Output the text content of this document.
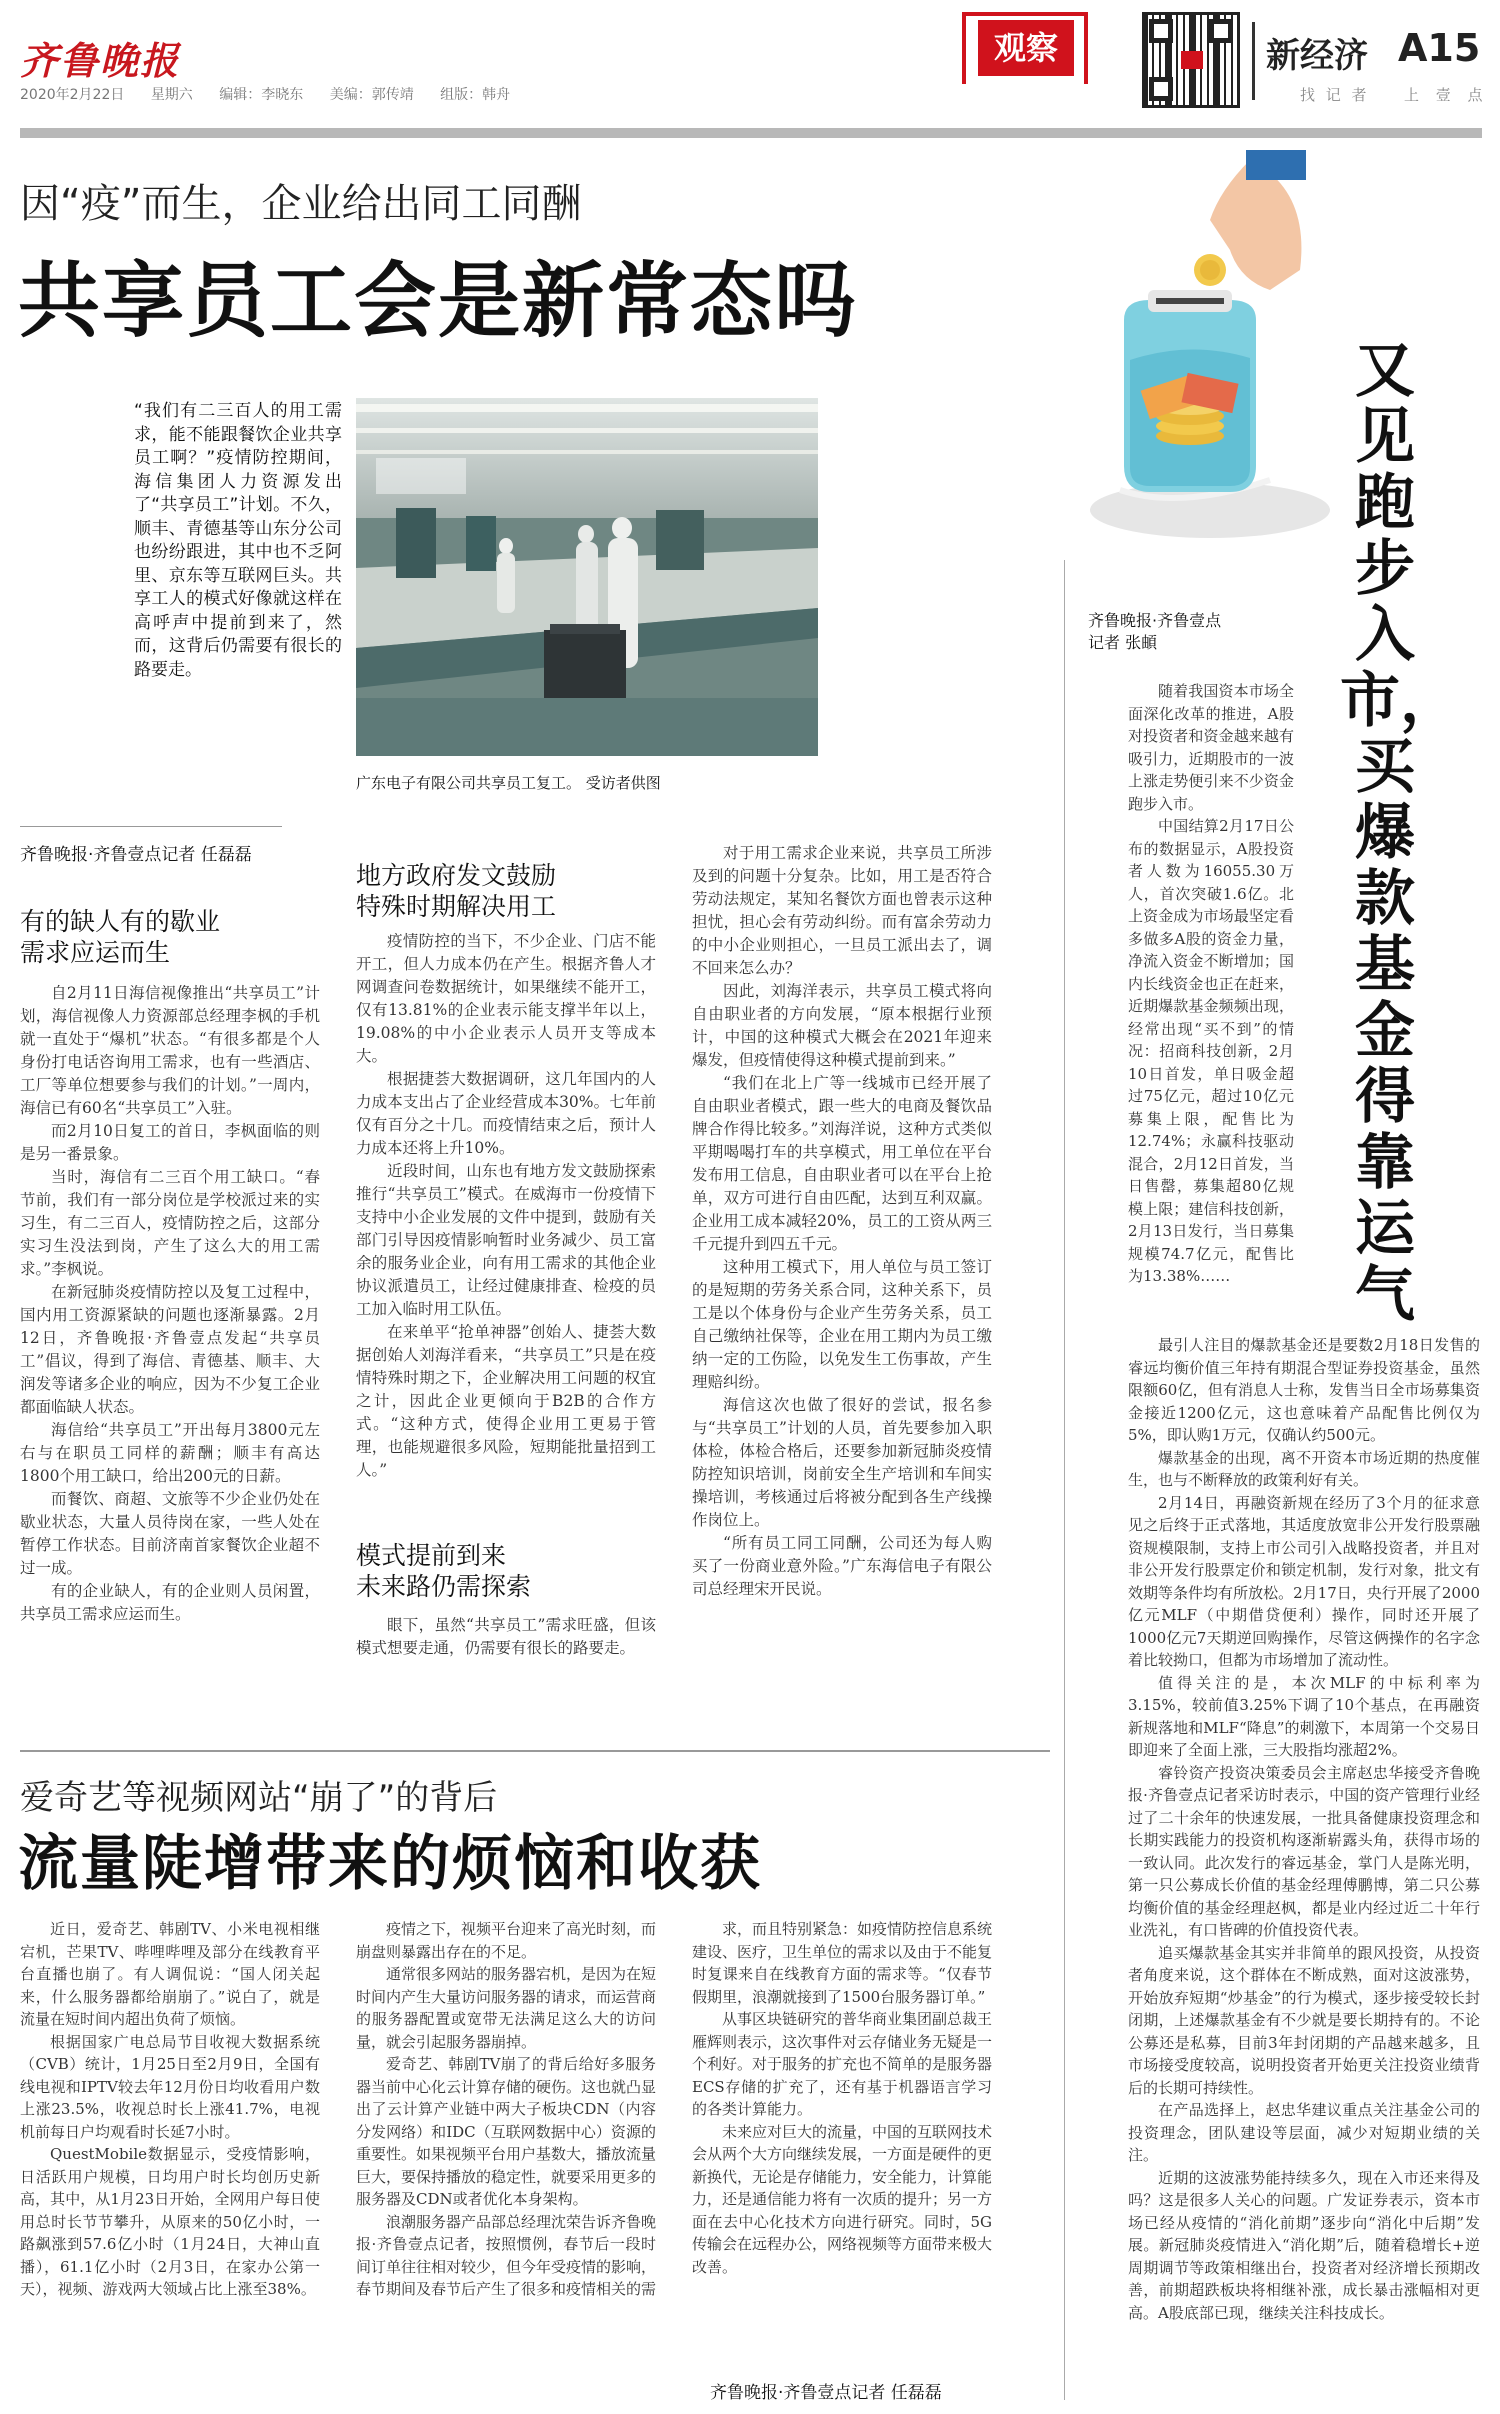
齐鲁晚报
2020年2月22日 星期六 编辑：李晓东 美编：郭传靖 组版：韩舟
观察	新经济 A15
找 记 者 上 壹 点
因“疫”而生，企业给出同工同酬
共享员工会是新常态吗
“我们有二三百人的用工需求，能不能跟餐饮企业共享员工啊？”疫情防控期间，海信集团人力资源发出了“共享员工”计划。不久，顺丰、青德基等山东分公司也纷纷跟进，其中也不乏阿里、京东等互联网巨头。共享工人的模式好像就这样在高呼声中提前到来了，然而，这背后仍需要有很长的路要走。
广东电子有限公司共享员工复工。 受访者供图
齐鲁晚报·齐鲁壹点记者 任磊磊
有的缺人有的歇业
需求应运而生

自2月11日海信视像推出“共享员工”计划，海信视像人力资源部总经理李枫的手机就一直处于“爆机”状态。“有很多都是个人身份打电话咨询用工需求，也有一些酒店、工厂等单位想要参与我们的计划。”一周内，海信已有60名“共享员工”入驻。

而2月10日复工的首日，李枫面临的则是另一番景象。

当时，海信有二三百个用工缺口。“春节前，我们有一部分岗位是学校派过来的实习生，有二三百人，疫情防控之后，这部分实习生没法到岗，产生了这么大的用工需求。”李枫说。

在新冠肺炎疫情防控以及复工过程中，国内用工资源紧缺的问题也逐渐暴露。2月12日，齐鲁晚报·齐鲁壹点发起“共享员工”倡议，得到了海信、青德基、顺丰、大润发等诸多企业的响应，因为不少复工企业都面临缺人状态。

海信给“共享员工”开出每月3800元左右与在职员工同样的薪酬；顺丰有高达1800个用工缺口，给出200元的日薪。

而餐饮、商超、文旅等不少企业仍处在歇业状态，大量人员待岗在家，一些人处在暂停工作状态。目前济南首家餐饮企业超不过一成。

有的企业缺人，有的企业则人员闲置，共享员工需求应运而生。

地方政府发文鼓励
特殊时期解决用工

疫情防控的当下，不少企业、门店不能开工，但人力成本仍在产生。根据齐鲁人才网调查问卷数据统计，如果继续不能开工，仅有13.81%的企业表示能支撑半年以上，19.08%的中小企业表示人员开支等成本大。

根据捷荟大数据调研，这几年国内的人力成本支出占了企业经营成本30%。七年前仅有百分之十几。而疫情结束之后，预计人力成本还将上升10%。

近段时间，山东也有地方发文鼓励探索推行“共享员工”模式。在威海市一份疫情下支持中小企业发展的文件中提到，鼓励有关部门引导因疫情影响暂时业务减少、员工富余的服务业企业，向有用工需求的其他企业协议派遣员工，让经过健康排查、检疫的员工加入临时用工队伍。

在来单平“抢单神器”创始人、捷荟大数据创始人刘海洋看来，“共享员工”只是在疫情特殊时期之下，企业解决用工问题的权宜之计，因此企业更倾向于B2B的合作方式。“这种方式，使得企业用工更易于管理，也能规避很多风险，短期能批量招到工人。”

模式提前到来
未来路仍需探索

眼下，虽然“共享员工”需求旺盛，但该模式想要走通，仍需要有很长的路要走。

对于用工需求企业来说，共享员工所涉及到的问题十分复杂。比如，用工是否符合劳动法规定，某知名餐饮方面也曾表示这种担忧，担心会有劳动纠纷。而有富余劳动力的中小企业则担心，一旦员工派出去了，调不回来怎么办？

因此，刘海洋表示，共享员工模式将向自由职业者的方向发展，“原本根据行业预计，中国的这种模式大概会在2021年迎来爆发，但疫情使得这种模式提前到来。”

“我们在北上广等一线城市已经开展了自由职业者模式，跟一些大的电商及餐饮品牌合作得比较多。”刘海洋说，这种方式类似平期喝喝打车的共享模式，用工单位在平台发布用工信息，自由职业者可以在平台上抢单，双方可进行自由匹配，达到互利双赢。企业用工成本减轻20%，员工的工资从两三千元提升到四五千元。

这种用工模式下，用人单位与员工签订的是短期的劳务关系合同，这种关系下，员工是以个体身份与企业产生劳务关系，员工自己缴纳社保等，企业在用工期内为员工缴纳一定的工伤险，以免发生工伤事故，产生理赔纠纷。

海信这次也做了很好的尝试，报名参与“共享员工”计划的人员，首先要参加入职体检，体检合格后，还要参加新冠肺炎疫情防控知识培训，岗前安全生产培训和车间实操培训，考核通过后将被分配到各生产线操作岗位上。

“所有员工同工同酬，公司还为每人购买了一份商业意外险。”广东海信电子有限公司总经理宋开民说。

爱奇艺等视频网站“崩了”的背后
流量陡增带来的烦恼和收获

近日，爱奇艺、韩剧TV、小米电视相继宕机，芒果TV、哔哩哔哩及部分在线教育平台直播也崩了。有人调侃说：“国人闭关起来，什么服务器都给崩崩了。”说白了，就是流量在短时间内超出负荷了烦恼。

根据国家广电总局节目收视大数据系统（CVB）统计，1月25日至2月9日，全国有线电视和IPTV较去年12月份日均收看用户数上涨23.5%，收视总时长上涨41.7%，电视机前每日户均观看时长延7小时。

QuestMobile数据显示，受疫情影响，日活跃用户规模，日均用户时长均创历史新高，其中，从1月23日开始，全网用户每日使用总时长节节攀升，从原来的50亿小时，一路飙涨到57.6亿小时（1月24日，大神山直播），61.1亿小时（2月3日，在家办公第一天），视频、游戏两大领域占比上涨至38%。

疫情之下，视频平台迎来了高光时刻，而崩盘则暴露出存在的不足。

通常很多网站的服务器宕机，是因为在短时间内产生大量访问服务器的请求，而运营商的服务器配置或宽带无法满足这么大的访问量，就会引起服务器崩掉。

爱奇艺、韩剧TV崩了的背后给好多服务器当前中心化云计算存储的硬伤。这也就凸显出了云计算产业链中两大子板块CDN（内容分发网络）和IDC（互联网数据中心）资源的重要性。如果视频平台用户基数大，播放流量巨大，要保持播放的稳定性，就要采用更多的服务器及CDN或者优化本身架构。

浪潮服务器产品部总经理沈荣告诉齐鲁晚报·齐鲁壹点记者，按照惯例，春节后一段时间订单往往相对较少，但今年受疫情的影响，春节期间及春节后产生了很多和疫情相关的需

求，而且特别紧急：如疫情防控信息系统建设、医疗，卫生单位的需求以及由于不能复时复课来自在线教育方面的需求等。“仅春节假期里，浪潮就接到了1500台服务器订单。”

从事区块链研究的普华商业集团副总裁王雁辉则表示，这次事件对云存储业务无疑是一个利好。对于服务的扩充也不简单的是服务器ECS存储的扩充了，还有基于机器语言学习的各类计算能力。

未来应对巨大的流量，中国的互联网技术会从两个大方向继续发展，一方面是硬件的更新换代，无论是存储能力，安全能力，计算能力，还是通信能力将有一次质的提升；另一方面在去中心化技术方向进行研究。同时，5G传输会在远程办公，网络视频等方面带来极大改善。

齐鲁晚报·齐鲁壹点记者 任磊磊
又见跑步入市，买爆款基金得靠运气
齐鲁晚报·齐鲁壹点
记者 张頔

随着我国资本市场全面深化改革的推进，A股对投资者和资金越来越有吸引力，近期股市的一波上涨走势便引来不少资金跑步入市。

中国结算2月17日公布的数据显示，A股投资者人数为16055.30万人，首次突破1.6亿。北上资金成为市场最坚定看多做多A股的资金力量，净流入资金不断增加；国内长线资金也正在赶来，近期爆款基金频频出现，经常出现“买不到”的情况：招商科技创新，2月10日首发，单日吸金超过75亿元，超过10亿元募集上限，配售比为12.74%；永赢科技驱动混合，2月12日首发，当日售罄，募集超80亿规模上限；建信科技创新，2月13日发行，当日募集规模74.7亿元，配售比为13.38%……

最引人注目的爆款基金还是要数2月18日发售的睿远均衡价值三年持有期混合型证券投资基金，虽然限额60亿，但有消息人士称，发售当日全市场募集资金接近1200亿元，这也意味着产品配售比例仅为5%，即认购1万元，仅确认约500元。

爆款基金的出现，离不开资本市场近期的热度催生，也与不断释放的政策利好有关。

2月14日，再融资新规在经历了3个月的征求意见之后终于正式落地，其适度放宽非公开发行股票融资规模限制，支持上市公司引入战略投资者，并且对非公开发行股票定价和锁定机制，发行对象，批文有效期等条件均有所放松。2月17日，央行开展了2000亿元MLF（中期借贷便利）操作，同时还开展了1000亿元7天期逆回购操作，尽管这俩操作的名字念着比较拗口，但都为市场增加了流动性。

值得关注的是，本次MLF的中标利率为3.15%，较前值3.25%下调了10个基点，在再融资新规落地和MLF“降息”的刺激下，本周第一个交易日即迎来了全面上涨，三大股指均涨超2%。

睿铃资产投资决策委员会主席赵忠华接受齐鲁晚报·齐鲁壹点记者采访时表示，中国的资产管理行业经过了二十余年的快速发展，一批具备健康投资理念和长期实践能力的投资机构逐渐崭露头角，获得市场的一致认同。此次发行的睿远基金，掌门人是陈光明，第一只公募成长价值的基金经理傅鹏博，第二只公募均衡价值的基金经理赵枫，都是业内经过近二十年行业洗礼，有口皆碑的价值投资代表。

追买爆款基金其实并非简单的跟风投资，从投资者角度来说，这个群体在不断成熟，面对这波涨势，开始放弃短期“炒基金”的行为模式，逐步接受较长封闭期，上述爆款基金有不少就是要长期持有的。不论公募还是私募，目前3年封闭期的产品越来越多，且市场接受度较高，说明投资者开始更关注投资业绩背后的长期可持续性。

在产品选择上，赵忠华建议重点关注基金公司的投资理念，团队建设等层面，减少对短期业绩的关注。

近期的这波涨势能持续多久，现在入市还来得及吗？这是很多人关心的问题。广发证券表示，资本市场已经从疫情的“消化前期”逐步向“消化中后期”发展。新冠肺炎疫情进入“消化期”后，随着稳增长+逆周期调节等政策相继出台，投资者对经济增长预期改善，前期超跌板块将相继补涨，成长暴击涨幅相对更高。A股底部已现，继续关注科技成长。
